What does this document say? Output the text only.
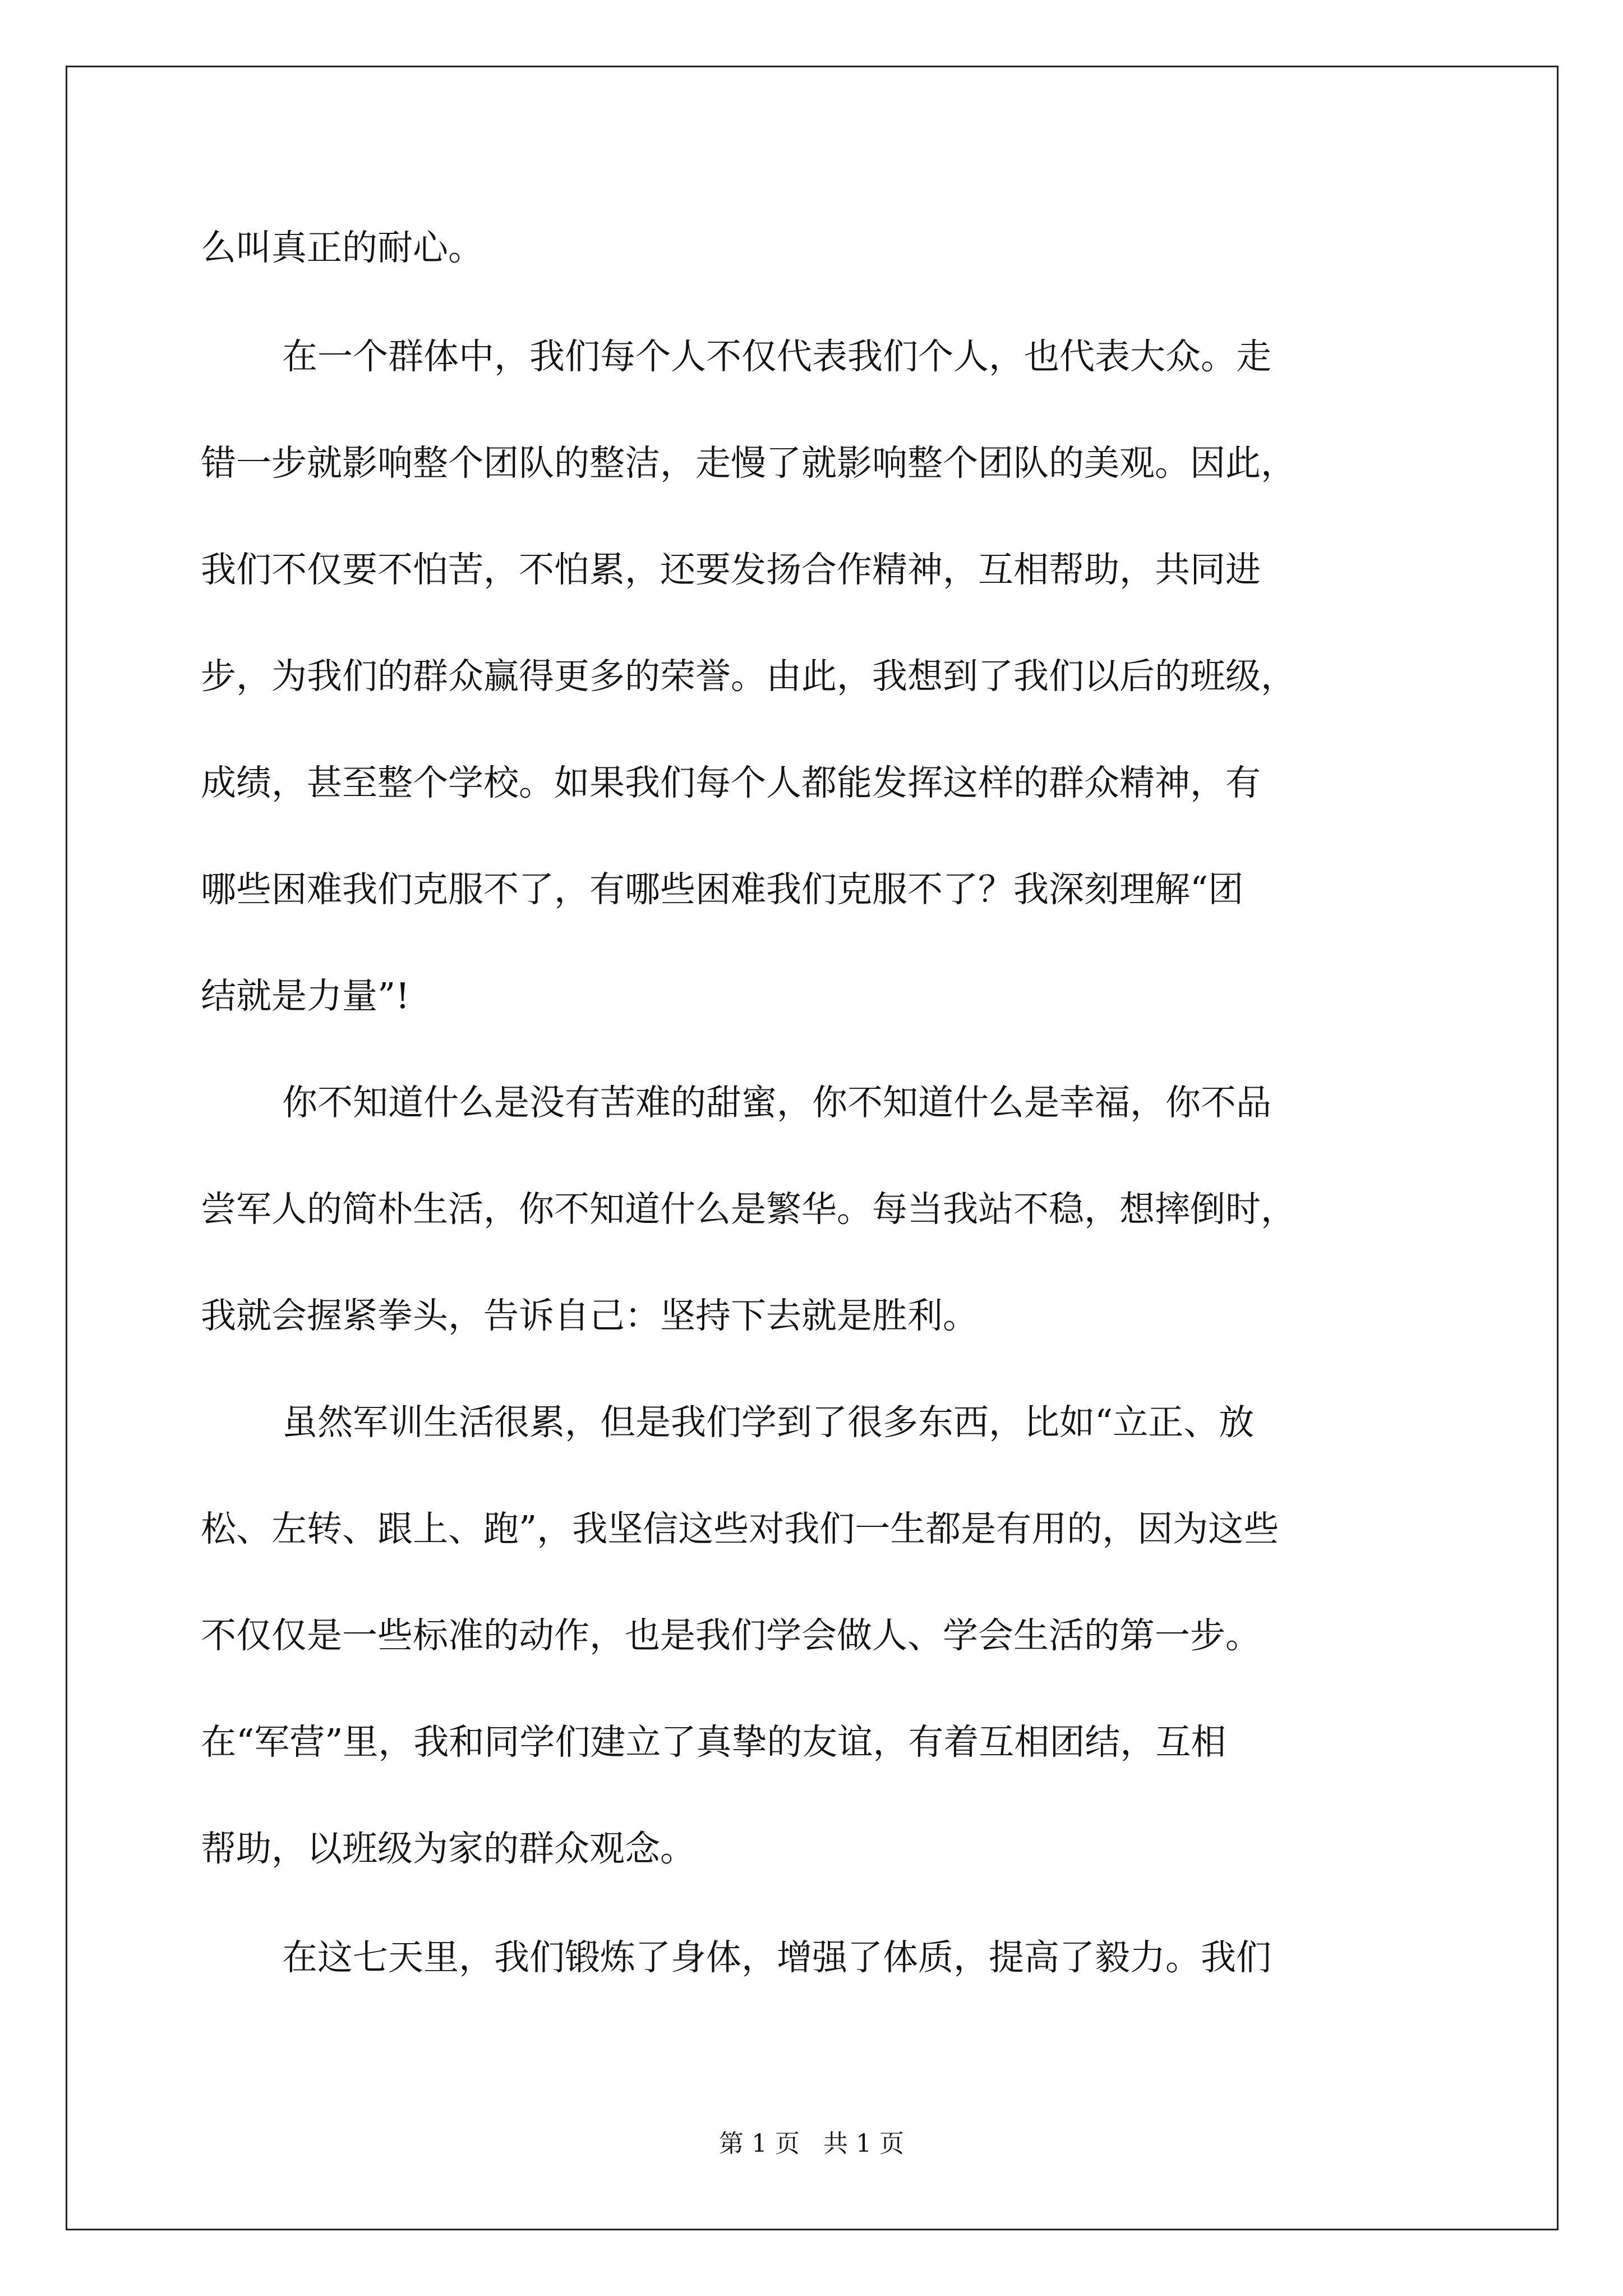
么叫真正的耐心。
在一个群体中，我们每个人不仅代表我们个人，也代表大众。走
错一步就影响整个团队的整洁，走慢了就影响整个团队的美观。因此，
我们不仅要不怕苦，不怕累，还要发扬合作精神，互相帮助，共同进
步，为我们的群众赢得更多的荣誉。由此，我想到了我们以后的班级，
成绩，甚至整个学校。如果我们每个人都能发挥这样的群众精神，有
哪些困难我们克服不了，有哪些困难我们克服不了？我深刻理解“团
结就是力量”!
你不知道什么是没有苦难的甜蜜，你不知道什么是幸福，你不品
尝军人的简朴生活，你不知道什么是繁华。每当我站不稳，想摔倒时，
我就会握紧拳头，告诉自己：坚持下去就是胜利。
虽然军训生活很累，但是我们学到了很多东西，比如“立正、放
松、左转、跟上、跑”，我坚信这些对我们一生都是有用的，因为这些
不仅仅是一些标准的动作，也是我们学会做人、学会生活的第一步。
在“军营”里，我和同学们建立了真挚的友谊，有着互相团结，互相
帮助，以班级为家的群众观念。
在这七天里，我们锻炼了身体，增强了体质，提高了毅力。我们
第 1 页   共 1 页
